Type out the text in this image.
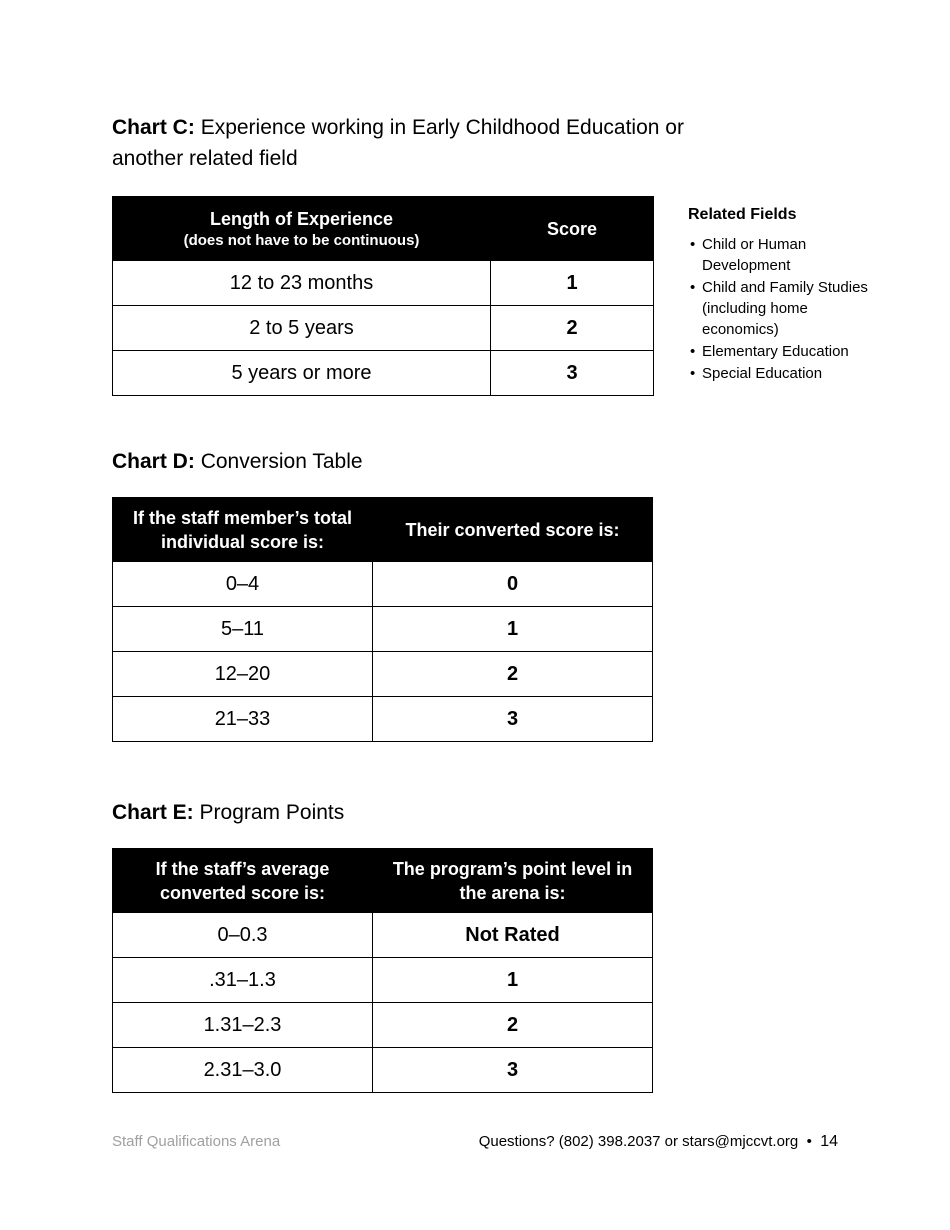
Chart C: Experience working in Early Childhood Education or another related field
Length of Experience
(does not have to be continuous)	Score
12 to 23 months	1
2 to 5 years	2
5 years or more	3

Related Fields

• Child or Human Development
• Child and Family Studies (including home economics)
• Elementary Education
• Special Education
Chart D: Conversion Table
If the staff member’s total individual score is:	Their converted score is:
0–4	0
5–11	1
12–20	2
21–33	3
Chart E: Program Points
If the staff’s average converted score is:	The program’s point level in the arena is:
0–0.3	Not Rated
.31–1.3	1
1.31–2.3	2
2.31–3.0	3
Staff Qualifications Arena	Questions? (802) 398.2037 or stars@mjccvt.org • 14
